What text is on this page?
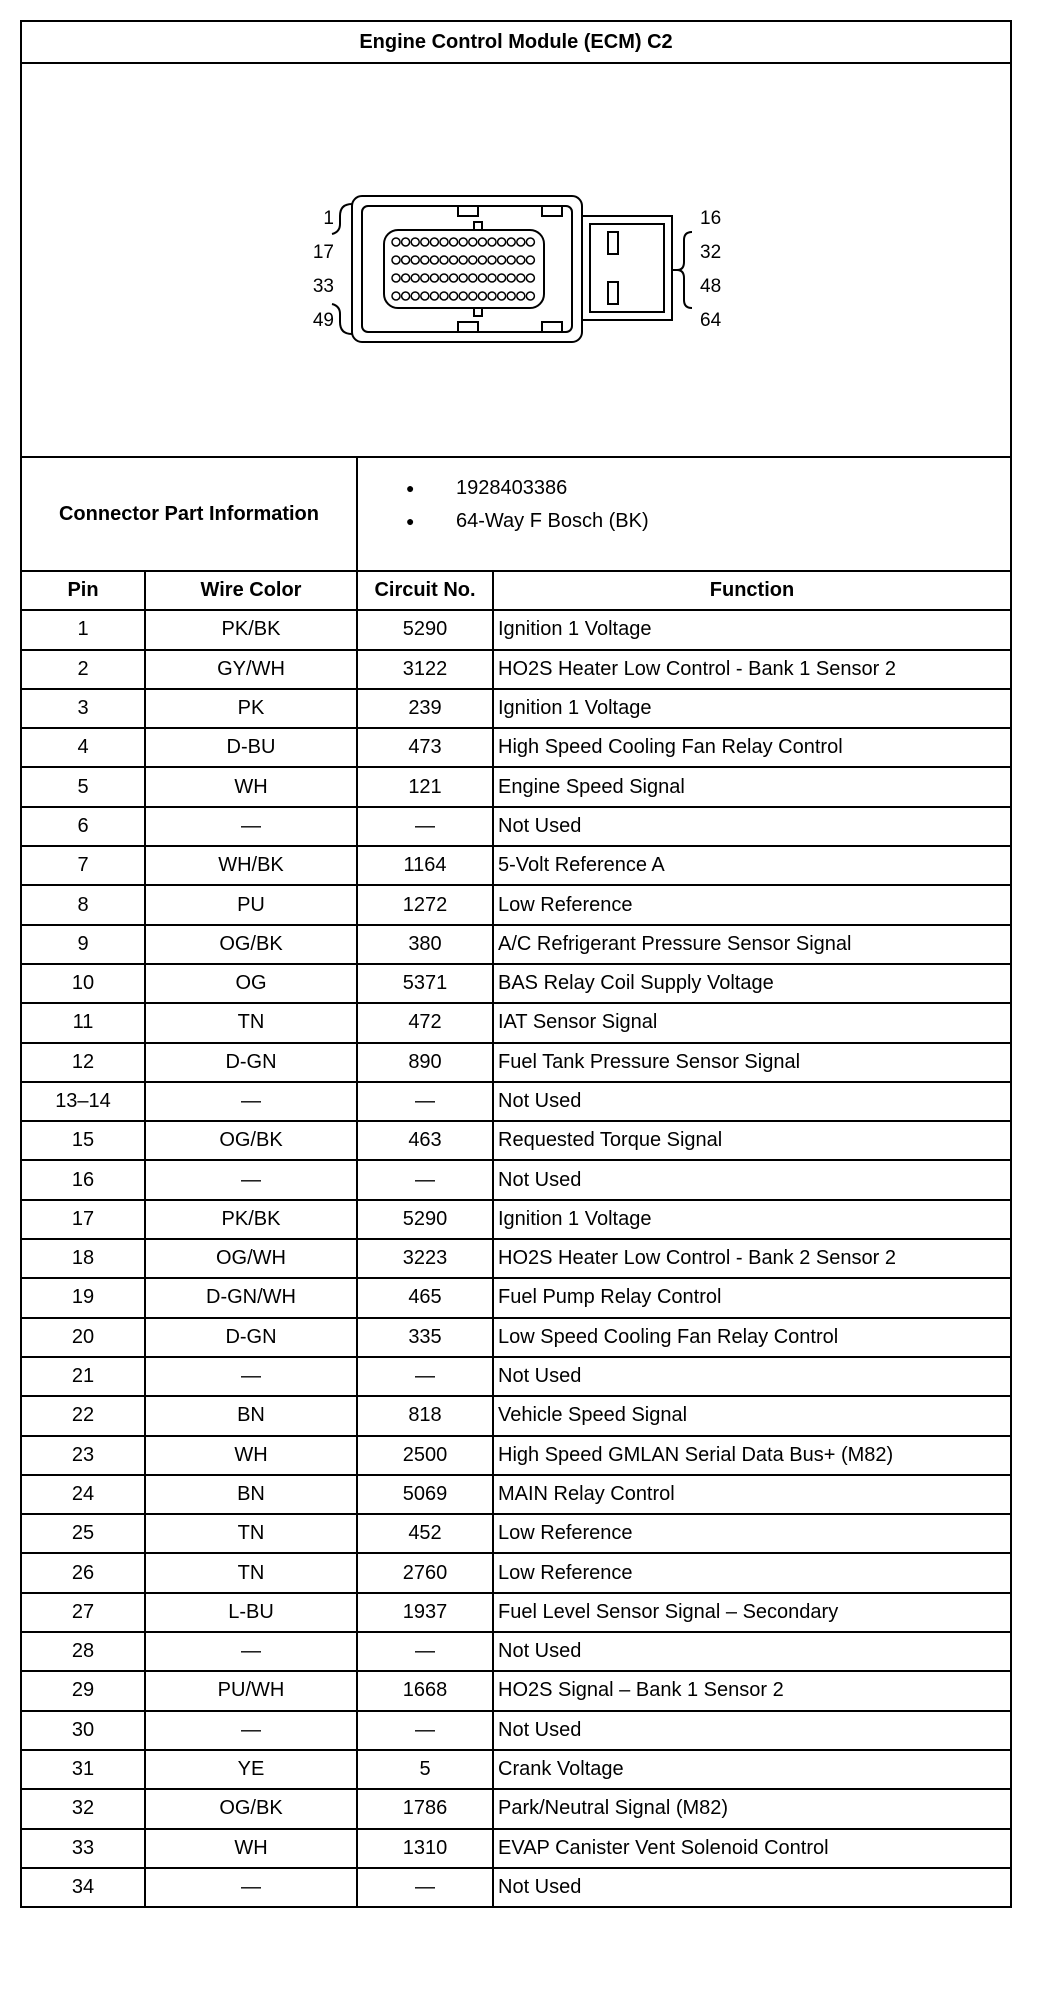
Engine Control Module (ECM) C2

1
17
33
49
16
32
48
64

Connector Part Information	
● 1928403386
● 64-Way F Bosch (BK)
Pin	Wire Color	Circuit No.	Function
1	PK/BK	5290	Ignition 1 Voltage
2	GY/WH	3122	HO2S Heater Low Control - Bank 1 Sensor 2
3	PK	239	Ignition 1 Voltage
4	D-BU	473	High Speed Cooling Fan Relay Control
5	WH	121	Engine Speed Signal
6	—	—	Not Used
7	WH/BK	1164	5-Volt Reference A
8	PU	1272	Low Reference
9	OG/BK	380	A/C Refrigerant Pressure Sensor Signal
10	OG	5371	BAS Relay Coil Supply Voltage
11	TN	472	IAT Sensor Signal
12	D-GN	890	Fuel Tank Pressure Sensor Signal
13–14	—	—	Not Used
15	OG/BK	463	Requested Torque Signal
16	—	—	Not Used
17	PK/BK	5290	Ignition 1 Voltage
18	OG/WH	3223	HO2S Heater Low Control - Bank 2 Sensor 2
19	D-GN/WH	465	Fuel Pump Relay Control
20	D-GN	335	Low Speed Cooling Fan Relay Control
21	—	—	Not Used
22	BN	818	Vehicle Speed Signal
23	WH	2500	High Speed GMLAN Serial Data Bus+ (M82)
24	BN	5069	MAIN Relay Control
25	TN	452	Low Reference
26	TN	2760	Low Reference
27	L-BU	1937	Fuel Level Sensor Signal – Secondary
28	—	—	Not Used
29	PU/WH	1668	HO2S Signal – Bank 1 Sensor 2
30	—	—	Not Used
31	YE	5	Crank Voltage
32	OG/BK	1786	Park/Neutral Signal (M82)
33	WH	1310	EVAP Canister Vent Solenoid Control
34	—	—	Not Used
